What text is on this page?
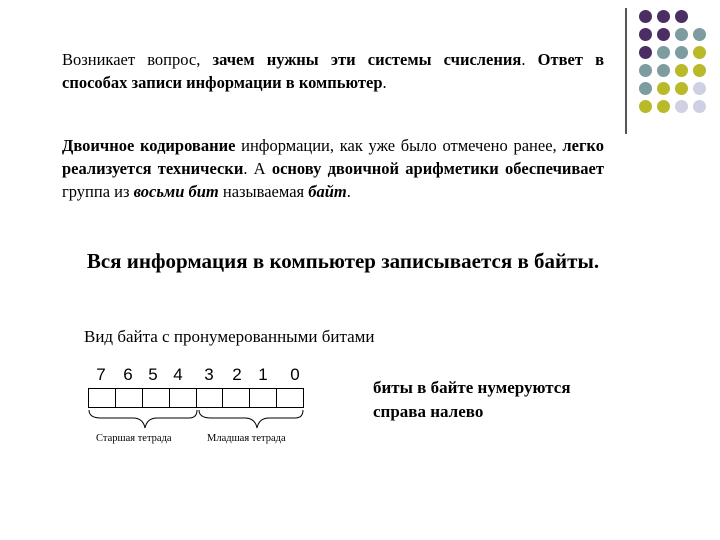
Возникает вопрос, зачем нужны эти системы счисления. Ответ в способах записи информации в компьютер.
Двоичное кодирование информации, как уже было отмечено ранее, легко реализуется технически. А основу двоичной арифметики обеспечивает группа из восьми бит называемая байт.
Вся информация в компьютер записывается в байты.
Вид байта с пронумерованными битами
7	6 5 4	3	2 1	0
Старшая тетрада	Младшая тетрада
биты в байте нумеруются
справа налево
